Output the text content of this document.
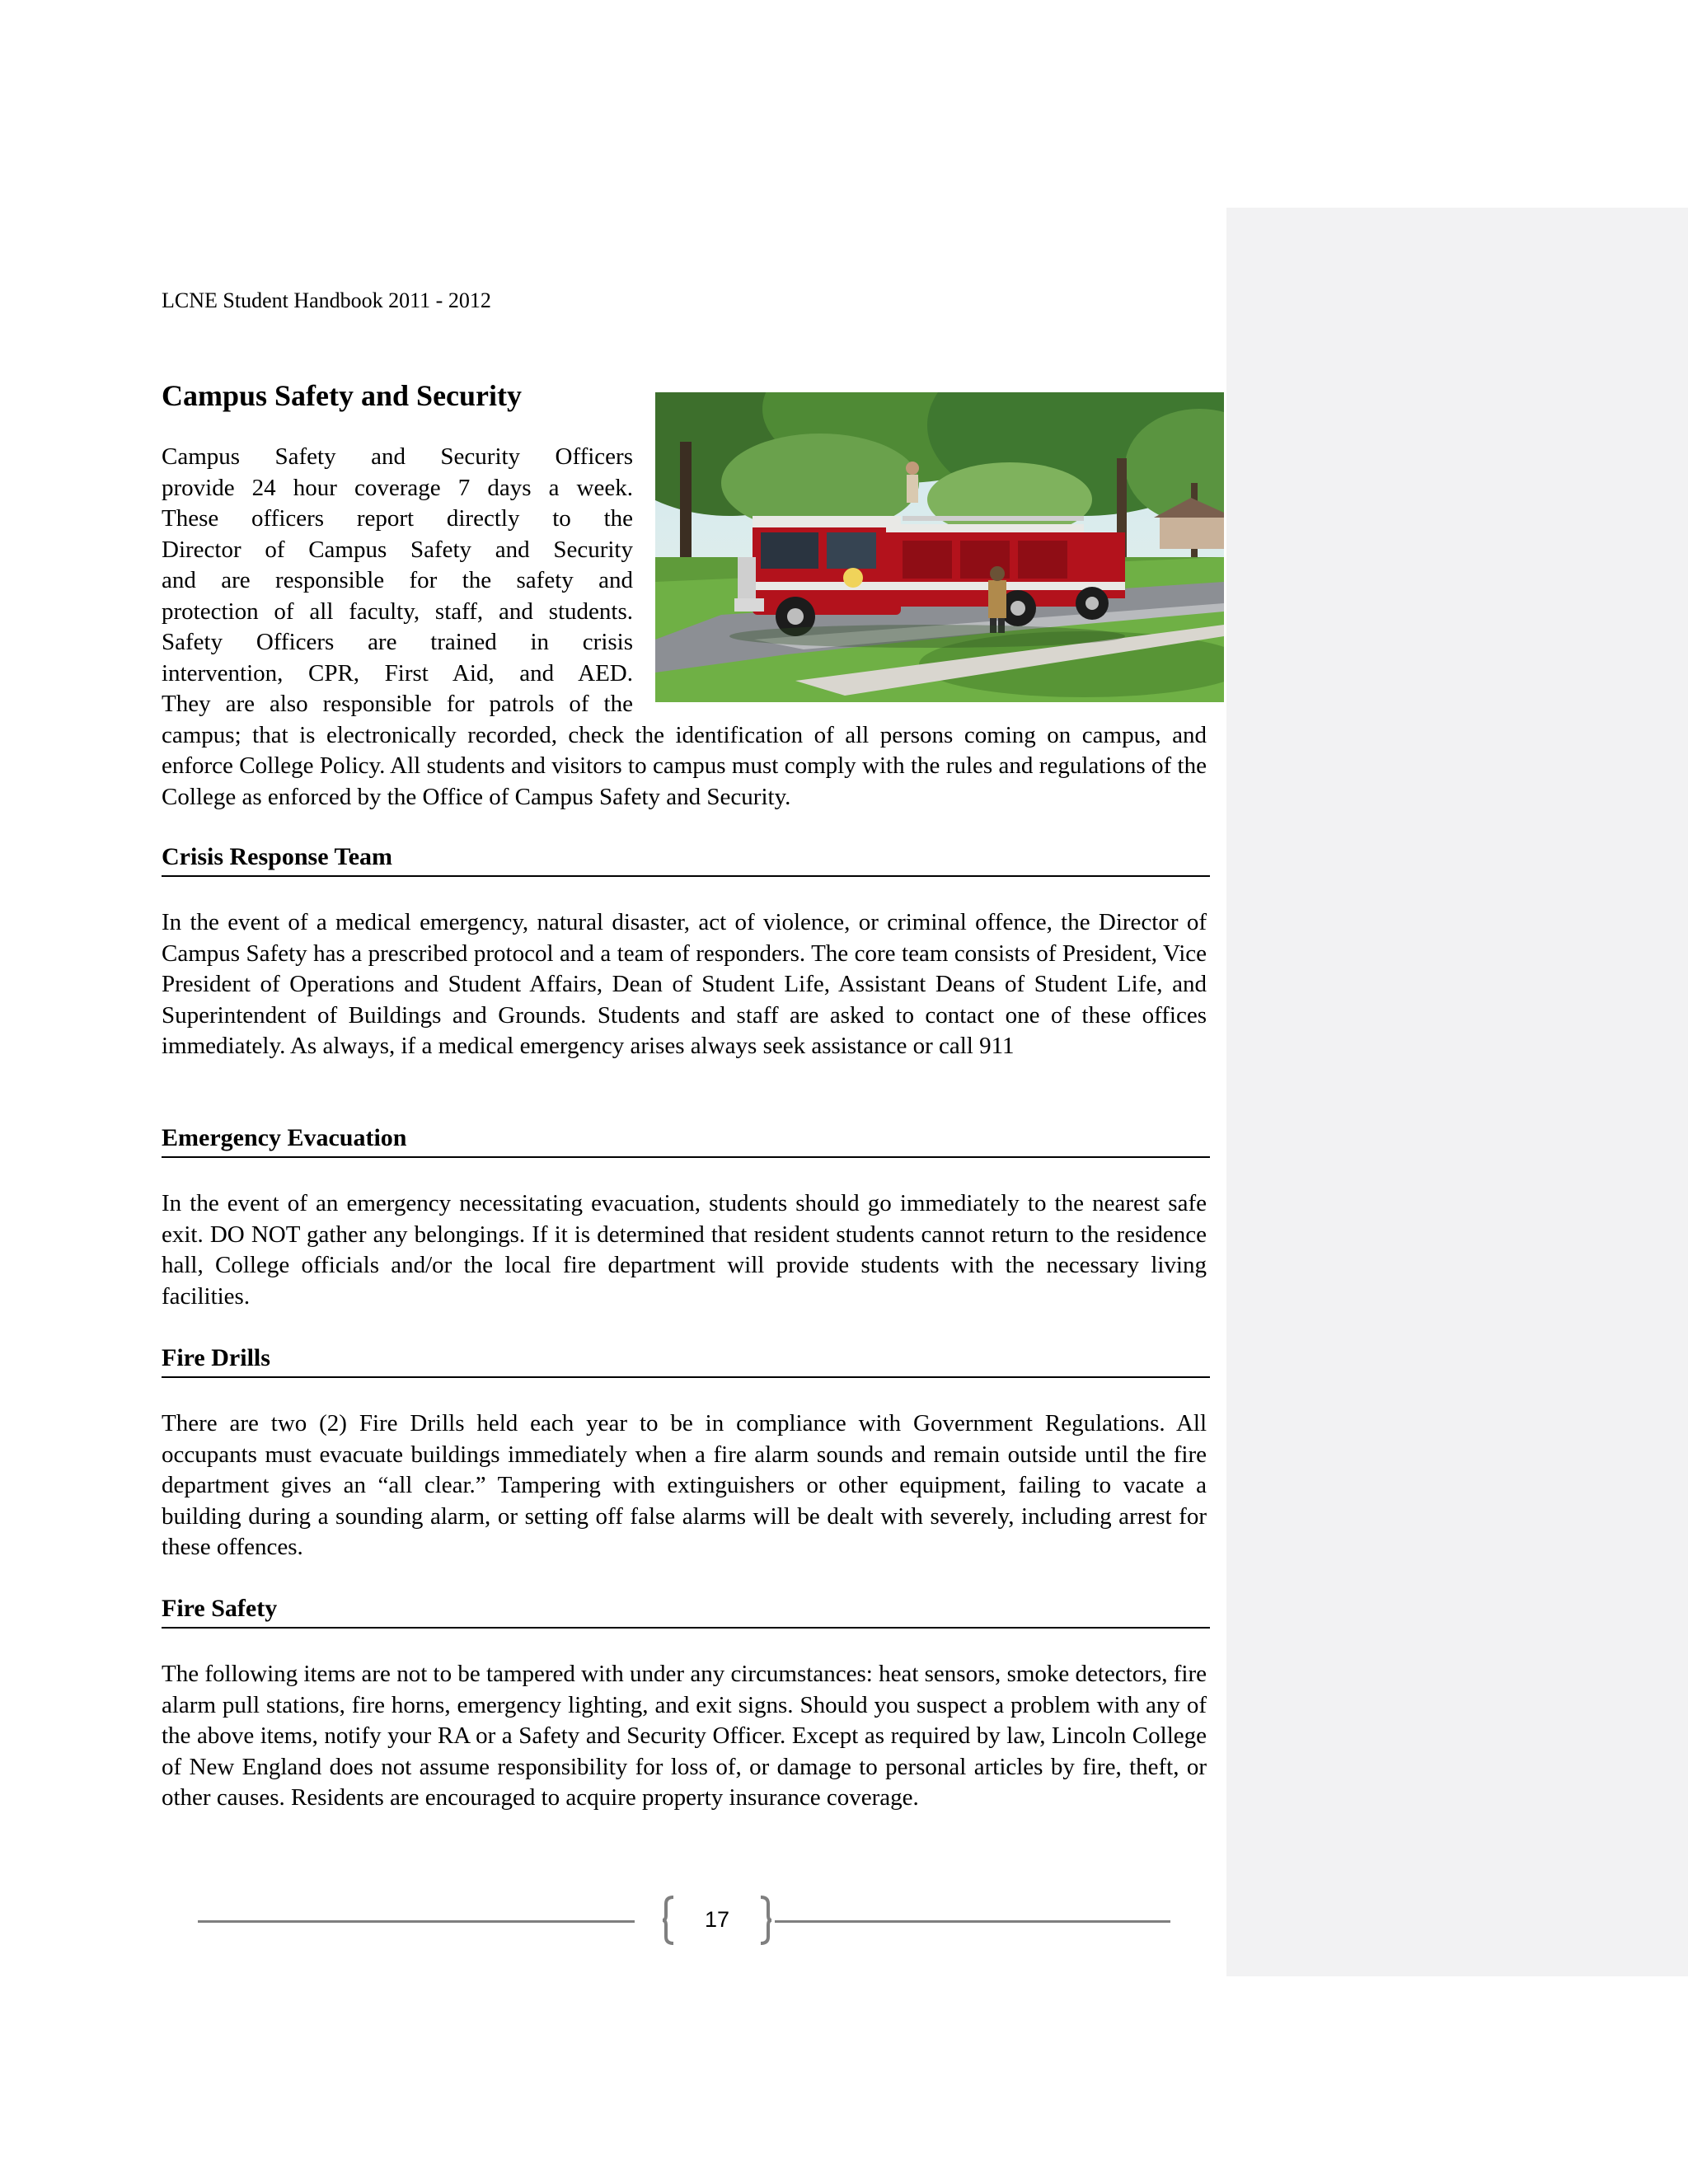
LCNE Student Handbook 2011 - 2012
Campus Safety and Security
Campus Safety and Security Officers
provide 24 hour coverage 7 days a week.
These officers report directly to the
Director of Campus Safety and Security
and are responsible for the safety and
protection of all faculty, staff, and students.
Safety Officers are trained in crisis
intervention, CPR, First Aid, and AED.
They are also responsible for patrols of the
campus; that is electronically recorded, check the identification of all persons coming on campus, and enforce College Policy. All students and visitors to campus must comply with the rules and regulations of the College as enforced by the Office of Campus Safety and Security.
Crisis Response Team

In the event of a medical emergency, natural disaster, act of violence, or criminal offence, the Director of Campus Safety has a prescribed protocol and a team of responders. The core team consists of President, Vice President of Operations and Student Affairs, Dean of Student Life, Assistant Deans of Student Life, and Superintendent of Buildings and Grounds. Students and staff are asked to contact one of these offices immediately. As always, if a medical emergency arises always seek assistance or call 911

Emergency Evacuation

In the event of an emergency necessitating evacuation, students should go immediately to the nearest safe exit. DO NOT gather any belongings. If it is determined that resident students cannot return to the residence hall, College officials and/or the local fire department will provide students with the necessary living facilities.

Fire Drills

There are two (2) Fire Drills held each year to be in compliance with Government Regulations. All occupants must evacuate buildings immediately when a fire alarm sounds and remain outside until the fire department gives an “all clear.” Tampering with extinguishers or other equipment, failing to vacate a building during a sounding alarm, or setting off false alarms will be dealt with severely, including arrest for these offences.

Fire Safety

The following items are not to be tampered with under any circumstances: heat sensors, smoke detectors, fire alarm pull stations, fire horns, emergency lighting, and exit signs. Should you suspect a problem with any of the above items, notify your RA or a Safety and Security Officer. Except as required by law, Lincoln College of New England does not assume responsibility for loss of, or damage to personal articles by fire, theft, or other causes. Residents are encouraged to acquire property insurance coverage.

17
